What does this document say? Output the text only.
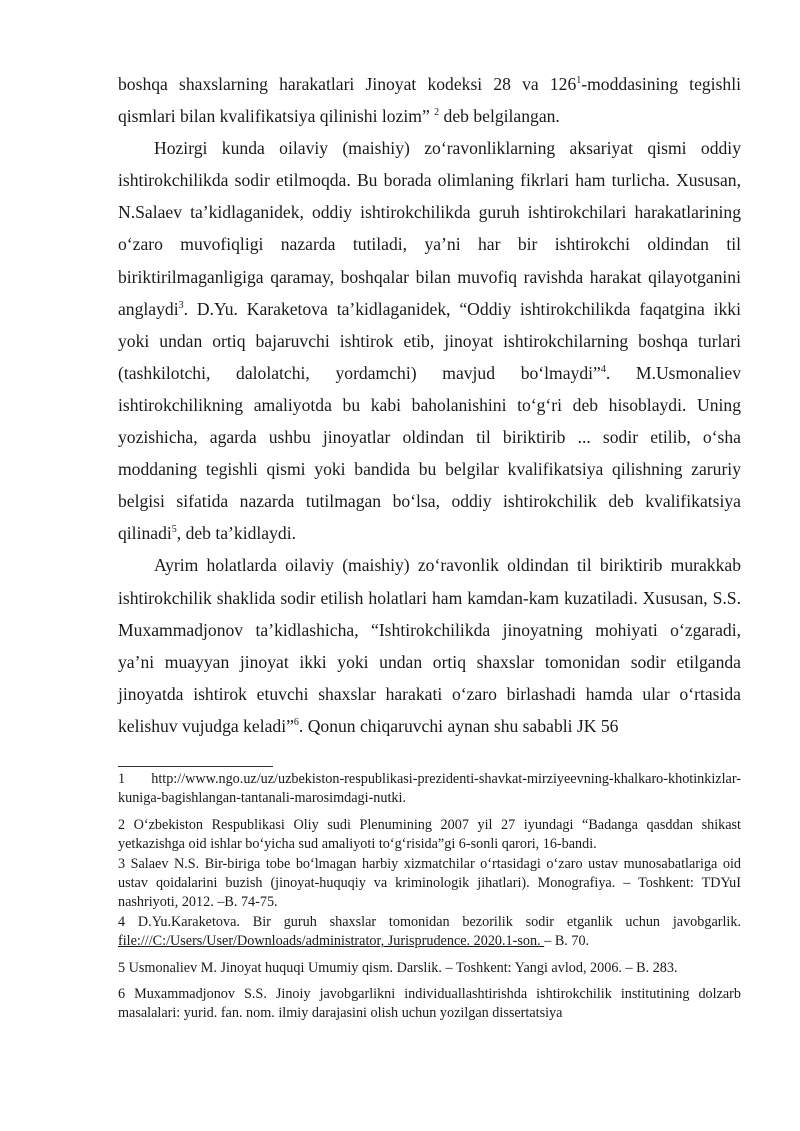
boshqa shaxslarning harakatlari Jinoyat kodeksi 28 va $126^1$-moddasining tegishli qismlari bilan kvalifikatsiya qilinishi lozim” $^2$ deb belgilangan.

Hozirgi kunda oilaviy (maishiy) zo‘ravonliklarning aksariyat qismi oddiy ishtirokchilikda sodir etilmoqda. Bu borada olimlaning fikrlari ham turlicha. Xususan, N.Salaev ta’kidlaganidek, oddiy ishtirokchilikda guruh ishtirokchilari harakatlarining o‘zaro muvofiqligi nazarda tutiladi, ya’ni har bir ishtirokchi oldindan til biriktirilmaganligiga qaramay, boshqalar bilan muvofiq ravishda harakat qilayotganini anglaydi$^3$. D.Yu. Karaketova ta’kidlaganidek, “Oddiy ishtirokchilikda faqatgina ikki yoki undan ortiq bajaruvchi ishtirok etib, jinoyat ishtirokchilarning boshqa turlari (tashkilotchi, dalolatchi, yordamchi) mavjud bo‘lmaydi”$^4$. M.Usmonaliev ishtirokchilikning amaliyotda bu kabi baholanishini to‘g‘ri deb hisoblaydi. Uning yozishicha, agarda ushbu jinoyatlar oldindan til biriktirib ... sodir etilib, o‘sha moddaning tegishli qismi yoki bandida bu belgilar kvalifikatsiya qilishning zaruriy belgisi sifatida nazarda tutilmagan bo‘lsa, oddiy ishtirokchilik deb kvalifikatsiya qilinadi$^5$, deb ta’kidlaydi.

Ayrim holatlarda oilaviy (maishiy) zo‘ravonlik oldindan til biriktirib murakkab ishtirokchilik shaklida sodir etilish holatlari ham kamdan-kam kuzatiladi. Xususan, S.S. Muxammadjonov ta’kidlashicha, “Ishtirokchilikda jinoyatning mohiyati o‘zgaradi, ya’ni muayyan jinoyat ikki yoki undan ortiq shaxslar tomonidan sodir etilganda jinoyatda ishtirok etuvchi shaxslar harakati o‘zaro birlashadi hamda ular o‘rtasida kelishuv vujudga keladi”$^6$. Qonun chiqaruvchi aynan shu sababli JK 56

1 http://www.ngo.uz/uz/uzbekiston-respublikasi-prezidenti-shavkat-mirziyeevning-khalkaro-khotinkizlar-kuniga-bagishlangan-tantanali-marosimdagi-nutki.

2 O‘zbekiston Respublikasi Oliy sudi Plenumining 2007 yil 27 iyundagi “Badanga qasddan shikast yetkazishga oid ishlar bo‘yicha sud amaliyoti to‘g‘risida”gi 6-sonli qarori, 16-bandi.

3 Salaev N.S. Bir-biriga tobe bo‘lmagan harbiy xizmatchilar o‘rtasidagi o‘zaro ustav munosabatlariga oid ustav qoidalarini buzish (jinoyat-huquqiy va kriminologik jihatlari). Monografiya. – Toshkent: TDYuI nashriyoti, 2012. –B. 74-75.

4 D.Yu.Karaketova. Bir guruh shaxslar tomonidan bezorilik sodir etganlik uchun javobgarlik. file:///C:/Users/User/Downloads/administrator, Jurisprudence. 2020.1-son. – B. 70.

5 Usmonaliev M. Jinoyat huquqi Umumiy qism. Darslik. – Toshkent: Yangi avlod, 2006. – B. 283.

6 Muxammadjonov S.S. Jinoiy javobgarlikni individuallashtirishda ishtirokchilik institutining dolzarb masalalari: yurid. fan. nom. ilmiy darajasini olish uchun yozilgan dissertatsiya
